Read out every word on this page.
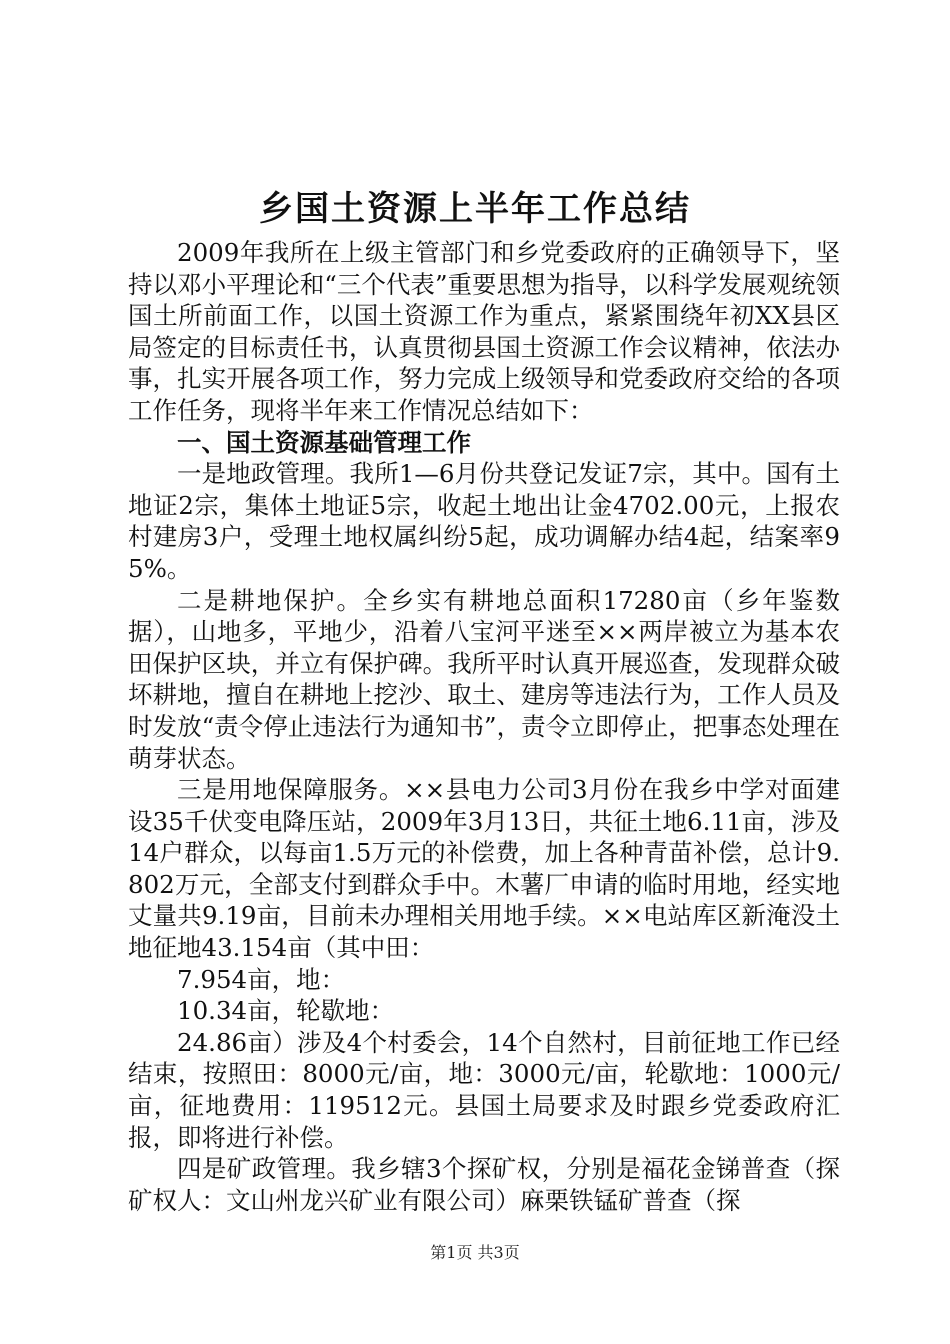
乡国土资源上半年工作总结

2009年我所在上级主管部门和乡党委政府的正确领导下，坚持以邓小平理论和“三个代表”重要思想为指导，以科学发展观统领国土所前面工作，以国土资源工作为重点，紧紧围绕年初XX县区局签定的目标责任书，认真贯彻县国土资源工作会议精神，依法办事，扎实开展各项工作，努力完成上级领导和党委政府交给的各项工作任务，现将半年来工作情况总结如下：

一、国土资源基础管理工作

一是地政管理。我所1—6月份共登记发证7宗，其中。国有土地证2宗，集体土地证5宗，收起土地出让金4702.00元，上报农村建房3户，受理土地权属纠纷5起，成功调解办结4起，结案率95%。

二是耕地保护。全乡实有耕地总面积17280亩（乡年鉴数据），山地多，平地少，沿着八宝河平迷至××两岸被立为基本农田保护区块，并立有保护碑。我所平时认真开展巡查，发现群众破坏耕地，擅自在耕地上挖沙、取土、建房等违法行为，工作人员及时发放“责令停止违法行为通知书”，责令立即停止，把事态处理在萌芽状态。

三是用地保障服务。××县电力公司3月份在我乡中学对面建设35千伏变电降压站，2009年3月13日，共征土地6.11亩，涉及14户群众，以每亩1.5万元的补偿费，加上各种青苗补偿，总计9.802万元，全部支付到群众手中。木薯厂申请的临时用地，经实地丈量共9.19亩，目前未办理相关用地手续。××电站库区新淹没土地征地43.154亩（其中田：

7.954亩，地：

10.34亩，轮歇地：

24.86亩）涉及4个村委会，14个自然村，目前征地工作已经结束，按照田：8000元/亩，地：3000元/亩，轮歇地：1000元/亩，征地费用：119512元。县国土局要求及时跟乡党委政府汇报，即将进行补偿。

四是矿政管理。我乡辖3个探矿权，分别是福花金锑普查（探矿权人：文山州龙兴矿业有限公司）麻栗铁锰矿普查（探

第1页 共3页
